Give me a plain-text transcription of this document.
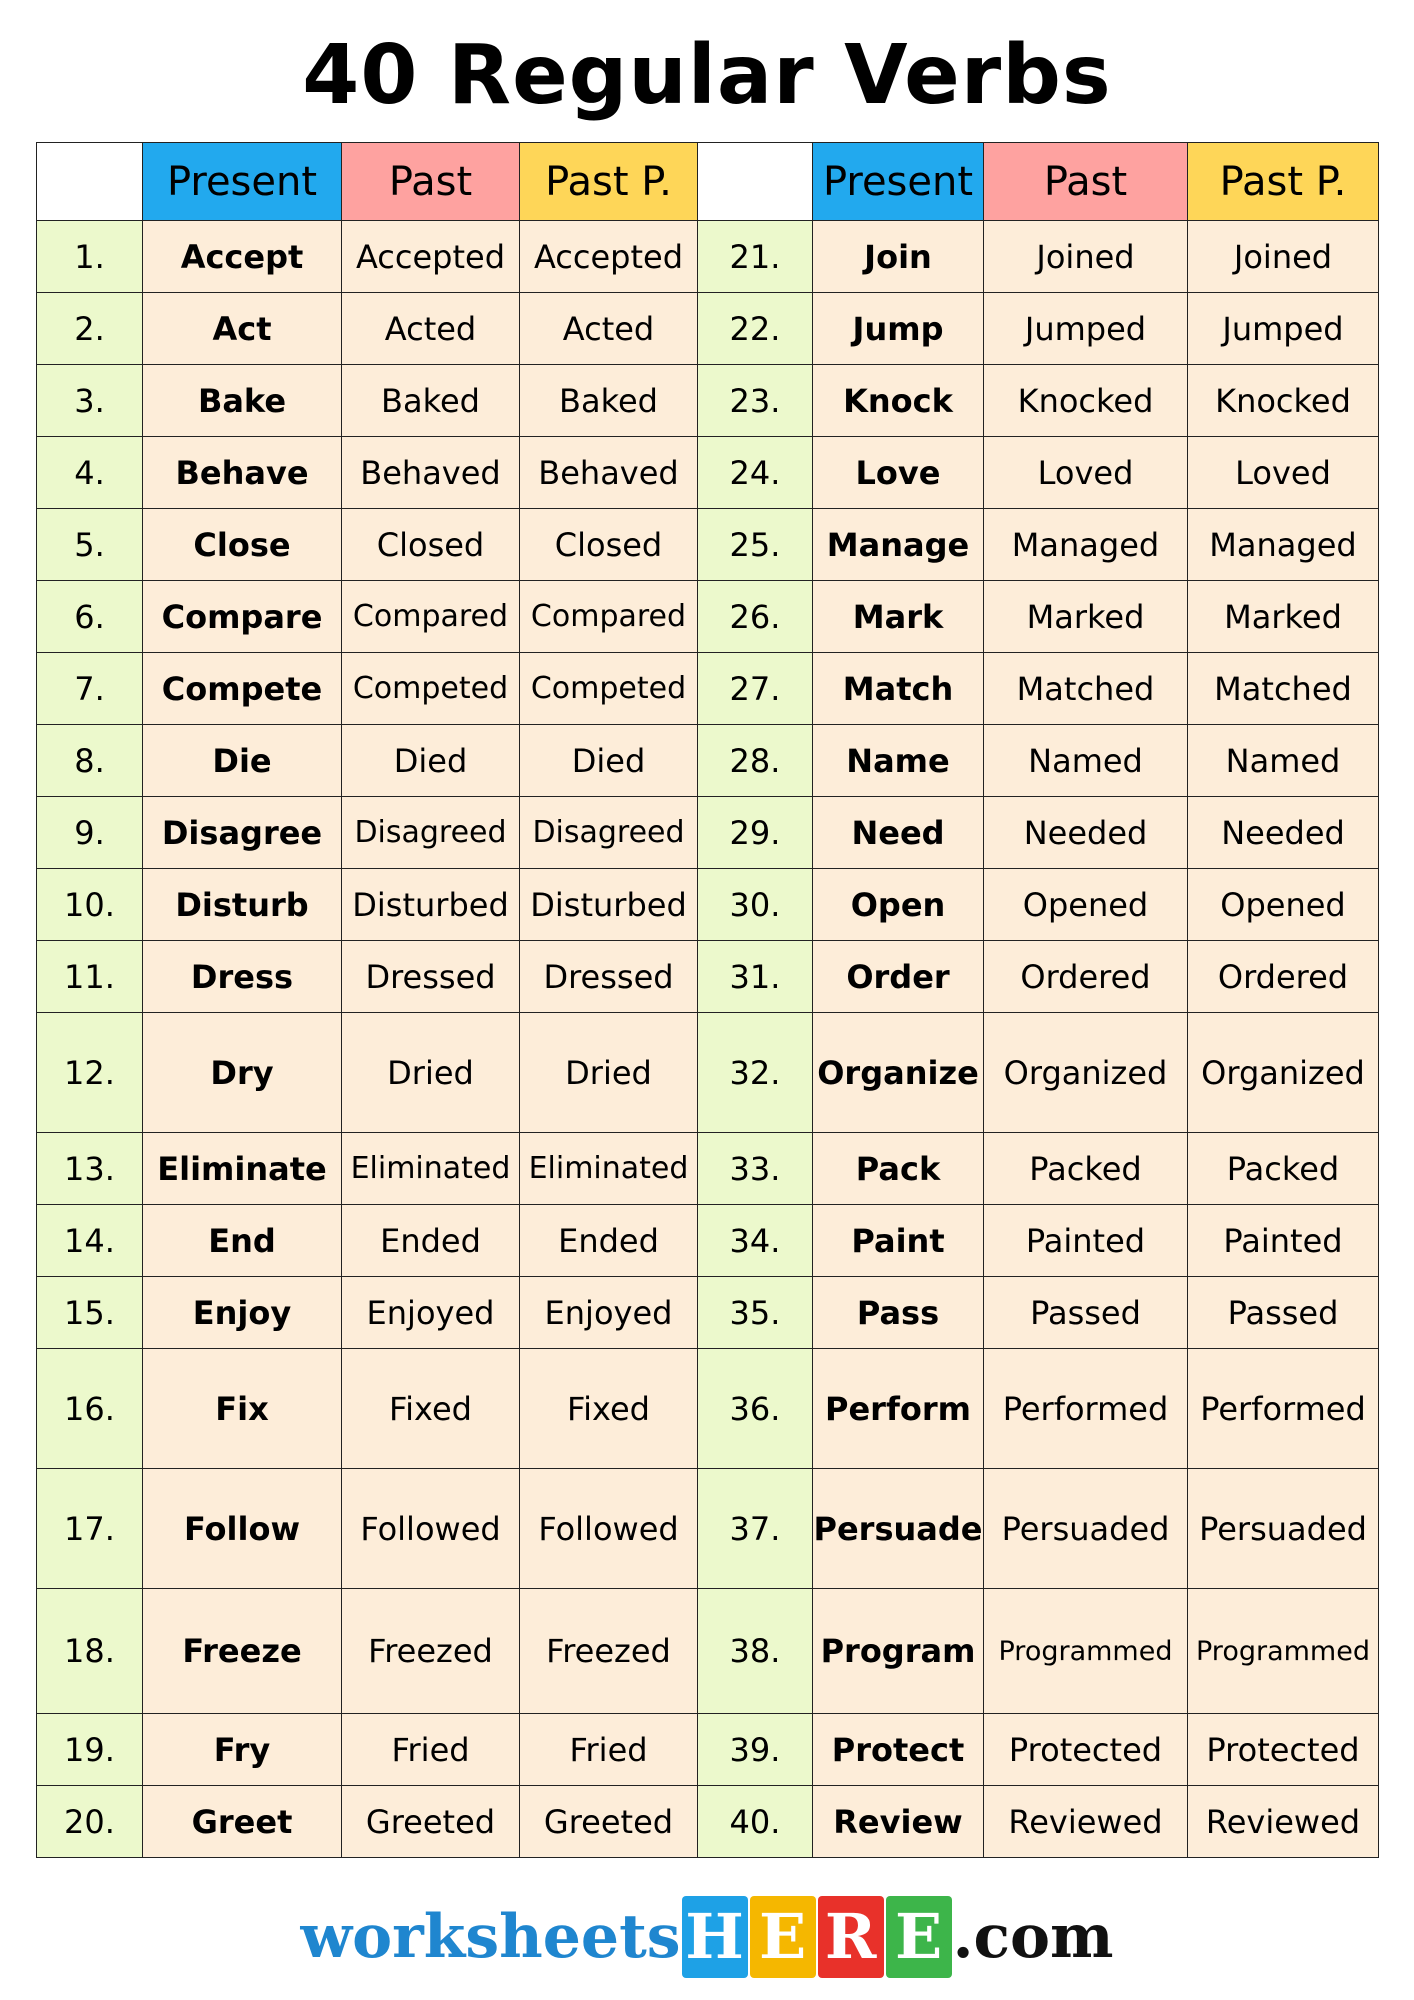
40 Regular Verbs
	Present	Past	Past P.		Present	Past	Past P.
1.	Accept	Accepted	Accepted	21.	Join	Joined	Joined
2.	Act	Acted	Acted	22.	Jump	Jumped	Jumped
3.	Bake	Baked	Baked	23.	Knock	Knocked	Knocked
4.	Behave	Behaved	Behaved	24.	Love	Loved	Loved
5.	Close	Closed	Closed	25.	Manage	Managed	Managed
6.	Compare	Compared	Compared	26.	Mark	Marked	Marked
7.	Compete	Competed	Competed	27.	Match	Matched	Matched
8.	Die	Died	Died	28.	Name	Named	Named
9.	Disagree	Disagreed	Disagreed	29.	Need	Needed	Needed
10.	Disturb	Disturbed	Disturbed	30.	Open	Opened	Opened
11.	Dress	Dressed	Dressed	31.	Order	Ordered	Ordered
12.	Dry	Dried	Dried	32.	Organize	Organized	Organized
13.	Eliminate	Eliminated	Eliminated	33.	Pack	Packed	Packed
14.	End	Ended	Ended	34.	Paint	Painted	Painted
15.	Enjoy	Enjoyed	Enjoyed	35.	Pass	Passed	Passed
16.	Fix	Fixed	Fixed	36.	Perform	Performed	Performed
17.	Follow	Followed	Followed	37.	Persuade	Persuaded	Persuaded
18.	Freeze	Freezed	Freezed	38.	Program	Programmed	Programmed
19.	Fry	Fried	Fried	39.	Protect	Protected	Protected
20.	Greet	Greeted	Greeted	40.	Review	Reviewed	Reviewed
worksheetsH E R E .com
